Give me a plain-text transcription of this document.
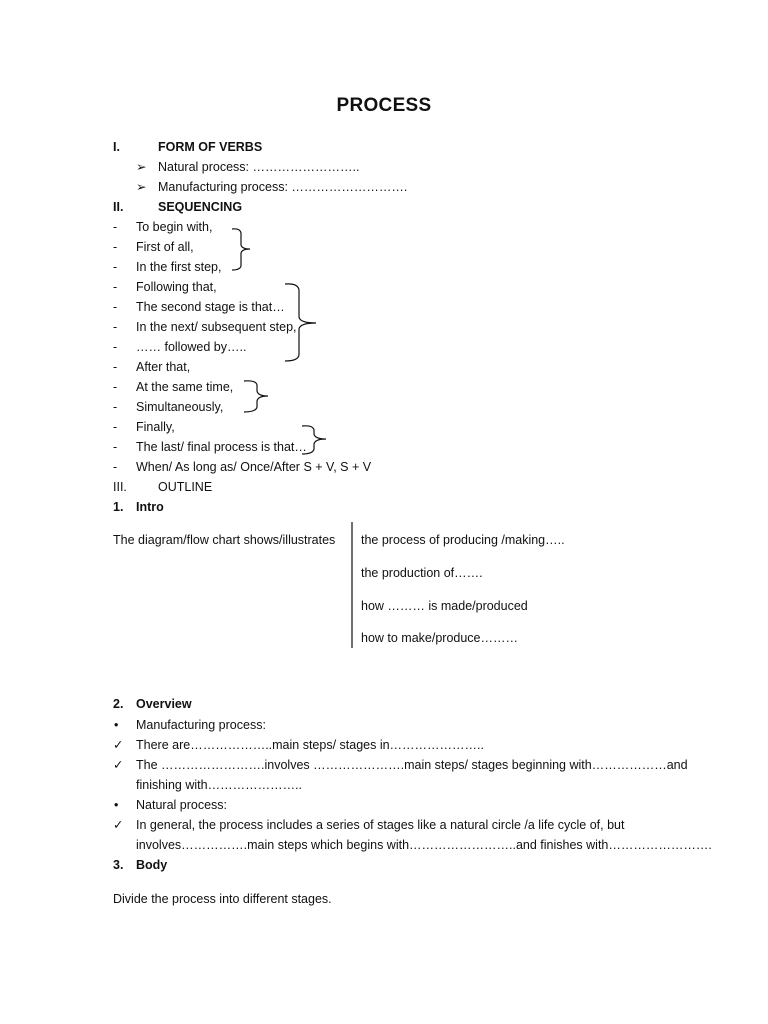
PROCESS
I.	FORM OF VERBS
➢ Natural process: ……………………..
➢ Manufacturing process: ……………………….
II.	SEQUENCING
- To begin with,
- First of all,
- In the first step,
- Following that,
- The second stage is that…
- In the next/ subsequent step,
- …… followed by…..
- After that,
- At the same time,
- Simultaneously,
- Finally,
- The last/ final process is that…
- When/ As long as/ Once/After S + V, S + V
III. OUTLINE
1. Intro
The diagram/flow chart shows/illustrates the process of producing /making…..
the production of…….
how ……… is made/produced
how to make/produce………
2. Overview
• Manufacturing process:
✓ There are………………..main steps/ stages in…………………..
✓ The …………………….involves ………………….main steps/ stages beginning with………………and
finishing with…………………..
• Natural process:
✓ In general, the process includes a series of stages like a natural circle /a life cycle of, but
involves…………….main steps which begins with……………………..and finishes with…………………….
3. Body
Divide the process into different stages.
